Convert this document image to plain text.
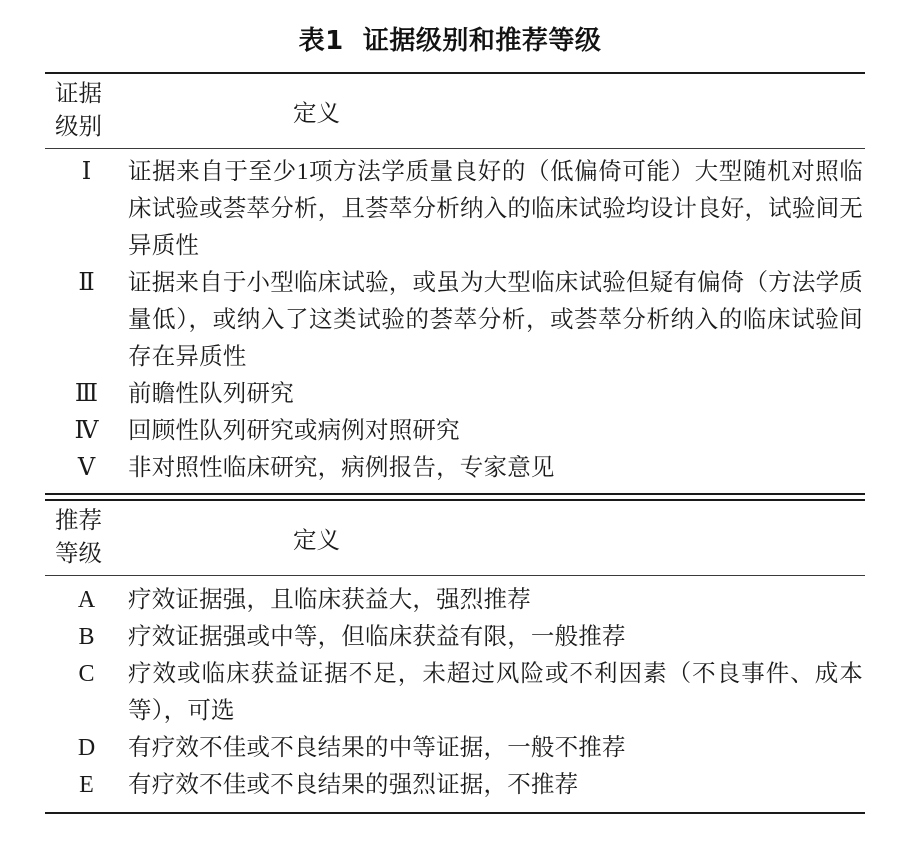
表1  证据级别和推荐等级
证据
级别	定义
Ⅰ	证据来自于至少1项方法学质量良好的（低偏倚可能）大型随机对照临床试验或荟萃分析，且荟萃分析纳入的临床试验均设计良好，试验间无异质性
Ⅱ	证据来自于小型临床试验，或虽为大型临床试验但疑有偏倚（方法学质量低），或纳入了这类试验的荟萃分析，或荟萃分析纳入的临床试验间存在异质性
Ⅲ	前瞻性队列研究
Ⅳ	回顾性队列研究或病例对照研究
Ⅴ	非对照性临床研究，病例报告，专家意见
推荐
等级	定义
A	疗效证据强，且临床获益大，强烈推荐
B	疗效证据强或中等，但临床获益有限，一般推荐
C	疗效或临床获益证据不足，未超过风险或不利因素（不良事件、成本等），可选
D	有疗效不佳或不良结果的中等证据，一般不推荐
E	有疗效不佳或不良结果的强烈证据，不推荐
